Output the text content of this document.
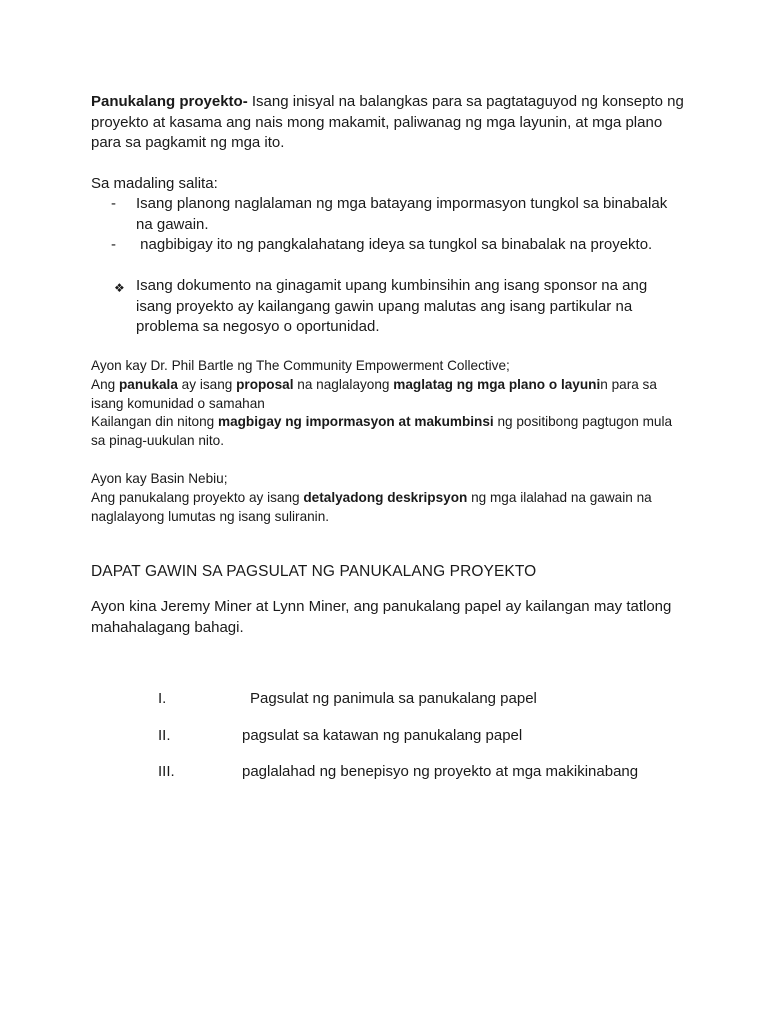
Panukalang proyekto- Isang inisyal na balangkas para sa pagtataguyod ng konsepto ng proyekto at kasama ang nais mong makamit, paliwanag ng mga layunin, at mga plano para sa pagkamit ng mga ito.
Sa madaling salita:
- Isang planong naglalaman ng mga batayang impormasyon tungkol sa binabalak na gawain.
- nagbibigay ito ng pangkalahatang ideya sa tungkol sa binabalak na proyekto.
❖ Isang dokumento na ginagamit upang kumbinsihin ang isang sponsor na ang isang proyekto ay kailangang gawin upang malutas ang isang partikular na problema sa negosyo o oportunidad.
Ayon kay Dr. Phil Bartle ng The Community Empowerment Collective;
Ang panukala ay isang proposal na naglalayong maglatag ng mga plano o layunin para sa isang komunidad o samahan
Kailangan din nitong magbigay ng impormasyon at makumbinsi ng positibong pagtugon mula sa pinag-uukulan nito.
Ayon kay Basin Nebiu;
Ang panukalang proyekto ay isang detalyadong deskripsyon ng mga ilalahad na gawain na naglalayong lumutas ng isang suliranin.
DAPAT GAWIN SA PAGSULAT NG PANUKALANG PROYEKTO
Ayon kina Jeremy Miner at Lynn Miner, ang panukalang papel ay kailangan may tatlong mahahalagang bahagi.
I.	Pagsulat ng panimula sa panukalang papel
II.	pagsulat sa katawan ng panukalang papel
III.	paglalahad ng benepisyo ng proyekto at mga makikinabang
